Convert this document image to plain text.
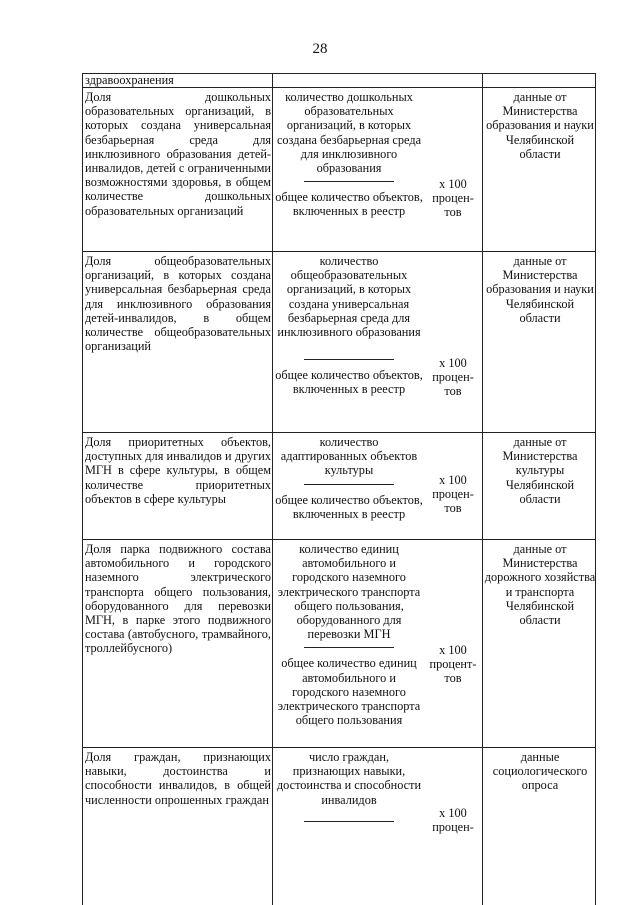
28
здравоохранения
Доля дошкольных образовательных организаций, в которых создана универсальная безбарьерная среда для инклюзивного образования детей-инвалидов, детей с ограниченными возможностями здоровья, в общем количестве дошкольных образовательных организаций
количество дошкольных образовательных организаций, в которых создана безбарьерная среда для инклюзивного образования
общее количество объектов, включенных в реестр
х 100 процен-тов
данные от Министерства образования и науки Челябинской области
Доля общеобразовательных организаций, в которых создана универсальная безбарьерная среда для инклюзивного образования детей-инвалидов, в общем количестве общеобразовательных организаций
количество общеобразовательных организаций, в которых создана универсальная безбарьерная среда для инклюзивного образования
общее количество объектов, включенных в реестр
х 100 процен-тов
данные от Министерства образования и науки Челябинской области
Доля приоритетных объектов, доступных для инвалидов и других МГН в сфере культуры, в общем количестве приоритетных объектов в сфере культуры
количество адаптированных объектов культуры
общее количество объектов, включенных в реестр
х 100 процен-тов
данные от Министерства культуры Челябинской области
Доля парка подвижного состава автомобильного и городского наземного электрического транспорта общего пользования, оборудованного для перевозки МГН, в парке этого подвижного состава (автобусного, трамвайного, троллейбусного)
количество единиц автомобильного и городского наземного электрического транспорта общего пользования, оборудованного для перевозки МГН
общее количество единиц автомобильного и городского наземного электрического транспорта общего пользования
х 100 процент-тов
данные от Министерства дорожного хозяйства и транспорта Челябинской области
Доля граждан, признающих навыки, достоинства и способности инвалидов, в общей численности опрошенных граждан
число граждан, признающих навыки, достоинства и способности инвалидов
х 100 процен-
данные социологического опроса
